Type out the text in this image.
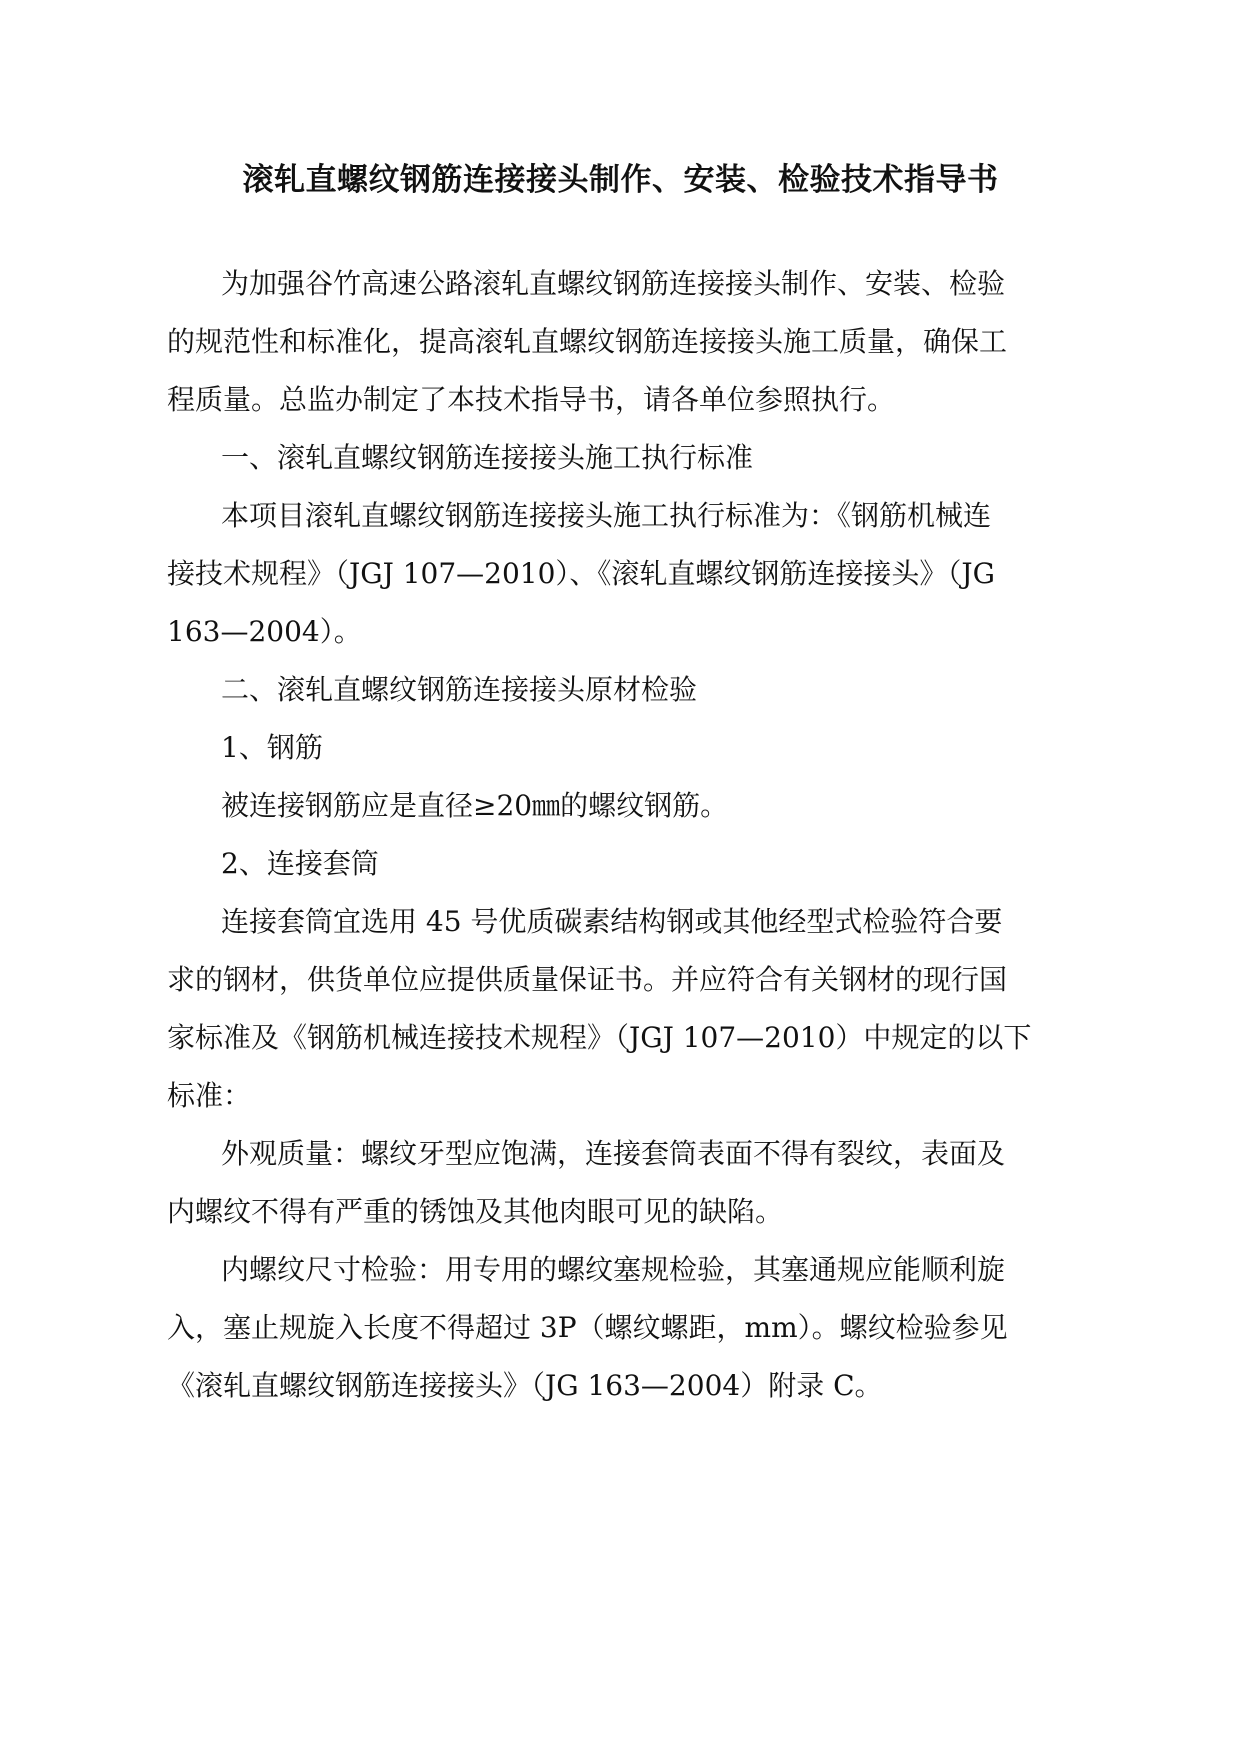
滚轧直螺纹钢筋连接接头制作、安装、检验技术指导书
为加强谷竹高速公路滚轧直螺纹钢筋连接接头制作、安装、检验
的规范性和标准化，提高滚轧直螺纹钢筋连接接头施工质量，确保工
程质量。总监办制定了本技术指导书，请各单位参照执行。
一、滚轧直螺纹钢筋连接接头施工执行标准
本项目滚轧直螺纹钢筋连接接头施工执行标准为：《钢筋机械连
接技术规程》（JGJ 107—2010）、《滚轧直螺纹钢筋连接接头》（JG
163—2004）。
二、滚轧直螺纹钢筋连接接头原材检验
1、钢筋
被连接钢筋应是直径≥20㎜的螺纹钢筋。
2、连接套筒
连接套筒宜选用 45 号优质碳素结构钢或其他经型式检验符合要
求的钢材，供货单位应提供质量保证书。并应符合有关钢材的现行国
家标准及《钢筋机械连接技术规程》（JGJ 107—2010）中规定的以下
标准：
外观质量：螺纹牙型应饱满，连接套筒表面不得有裂纹，表面及
内螺纹不得有严重的锈蚀及其他肉眼可见的缺陷。
内螺纹尺寸检验：用专用的螺纹塞规检验，其塞通规应能顺利旋
入，塞止规旋入长度不得超过 3P（螺纹螺距，mm）。螺纹检验参见
《滚轧直螺纹钢筋连接接头》（JG 163—2004）附录 C。
